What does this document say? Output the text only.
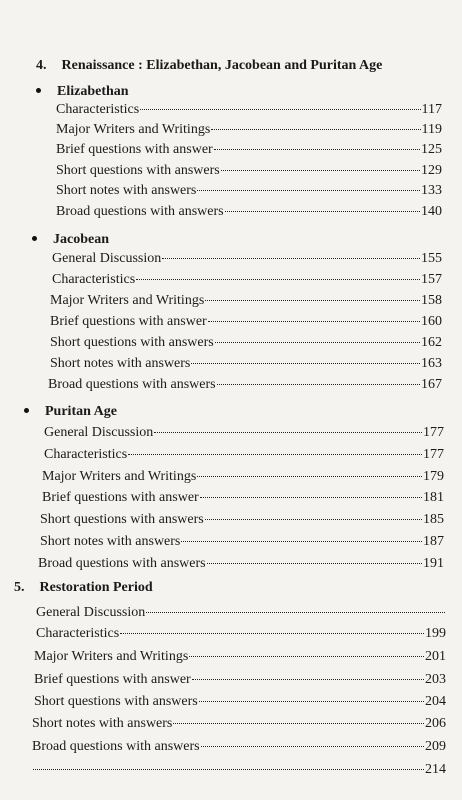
4. Renaissance : Elizabethan, Jacobean and Puritan Age
Elizabethan
Characteristics	117
Major Writers and Writings	119
Brief questions with answer	125
Short questions with answers	129
Short notes with answers	133
Broad questions with answers	140
Jacobean
General Discussion	155
Characteristics	157
Major Writers and Writings	158
Brief questions with answer	160
Short questions with answers	162
Short notes with answers	163
Broad questions with answers	167
Puritan Age
General Discussion	177
Characteristics	177
Major Writers and Writings	179
Brief questions with answer	181
Short questions with answers	185
Short notes with answers	187
Broad questions with answers	191
5. Restoration Period
General Discussion
Characteristics	199
Major Writers and Writings	201
Brief questions with answer	203
Short questions with answers	204
Short notes with answers	206
Broad questions with answers	209
214
